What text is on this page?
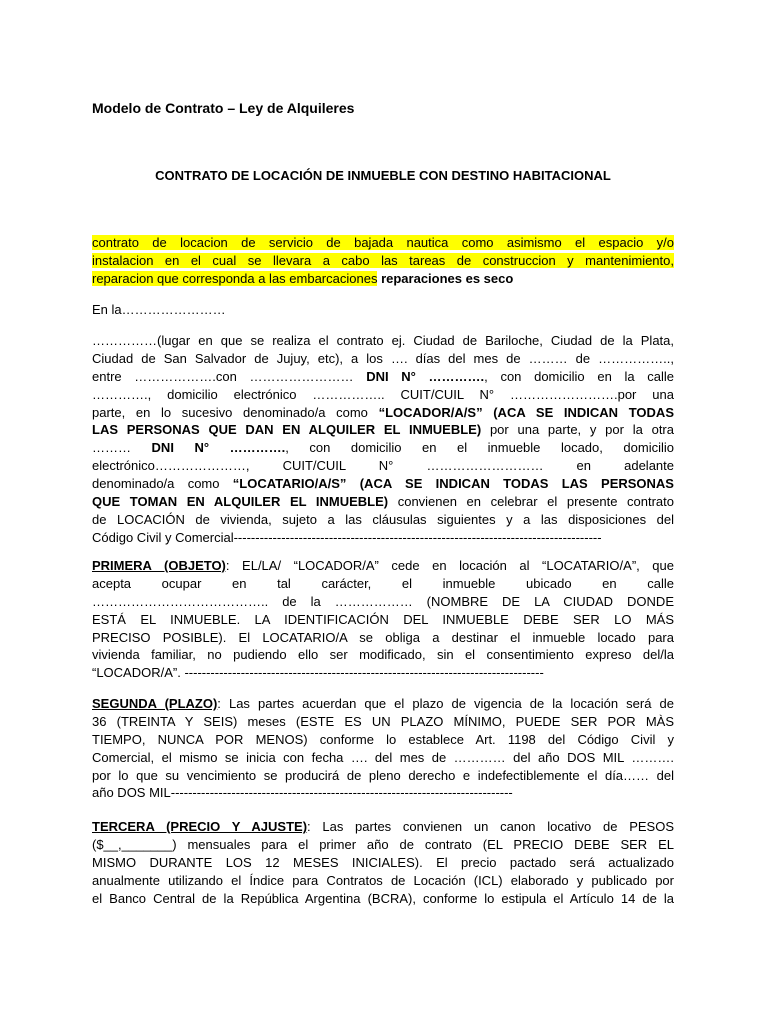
Modelo de Contrato – Ley de Alquileres
CONTRATO DE LOCACIÓN DE INMUEBLE CON DESTINO HABITACIONAL
contrato de locacion de servicio de bajada nautica como asimismo el espacio y/o
instalacion en el cual se llevara a cabo las tareas de construccion y mantenimiento,
reparacion que corresponda a las embarcaciones reparaciones es seco
En la……………………
……………(lugar en que se realiza el contrato ej. Ciudad de Bariloche, Ciudad de la Plata,
Ciudad de San Salvador de Jujuy, etc), a los …. días del mes de ……… de ……………..,
entre ……………….con …………………… DNI N° …………., con domicilio en la calle
…………., domicilio electrónico …………….. CUIT/CUIL N° …………………….por una
parte, en lo sucesivo denominado/a como “LOCADOR/A/S” (ACA SE INDICAN TODAS
LAS PERSONAS QUE DAN EN ALQUILER EL INMUEBLE) por una parte, y por la otra
……… DNI N° …………., con domicilio en el inmueble locado, domicilio
electrónico…………………, CUIT/CUIL N° ……………………… en adelante
denominado/a como “LOCATARIO/A/S” (ACA SE INDICAN TODAS LAS PERSONAS
QUE TOMAN EN ALQUILER EL INMUEBLE) convienen en celebrar el presente contrato
de LOCACIÓN de vivienda, sujeto a las cláusulas siguientes y a las disposiciones del
Código Civil y Comercial-------------------------------------------------------------------------------------
PRIMERA (OBJETO): EL/LA/ “LOCADOR/A” cede en locación al “LOCATARIO/A”, que
acepta ocupar en tal carácter, el inmueble ubicado en calle
………………………………….. de la ……………… (NOMBRE DE LA CIUDAD DONDE
ESTÁ EL INMUEBLE. LA IDENTIFICACIÓN DEL INMUEBLE DEBE SER LO MÁS
PRECISO POSIBLE). El LOCATARIO/A se obliga a destinar el inmueble locado para
vivienda familiar, no pudiendo ello ser modificado, sin el consentimiento expreso del/la
“LOCADOR/A”. -----------------------------------------------------------------------------------
SEGUNDA (PLAZO): Las partes acuerdan que el plazo de vigencia de la locación será de
36 (TREINTA Y SEIS) meses (ESTE ES UN PLAZO MÍNIMO, PUEDE SER POR MÀS
TIEMPO, NUNCA POR MENOS) conforme lo establece Art. 1198 del Código Civil y
Comercial, el mismo se inicia con fecha …. del mes de ………… del año DOS MIL ……….
por lo que su vencimiento se producirá de pleno derecho e indefectiblemente el día…… del
año DOS MIL-------------------------------------------------------------------------------
TERCERA (PRECIO Y AJUSTE): Las partes convienen un canon locativo de PESOS
($__,_______) mensuales para el primer año de contrato (EL PRECIO DEBE SER EL
MISMO DURANTE LOS 12 MESES INICIALES). El precio pactado será actualizado
anualmente utilizando el Índice para Contratos de Locación (ICL) elaborado y publicado por
el Banco Central de la República Argentina (BCRA), conforme lo estipula el Artículo 14 de la
